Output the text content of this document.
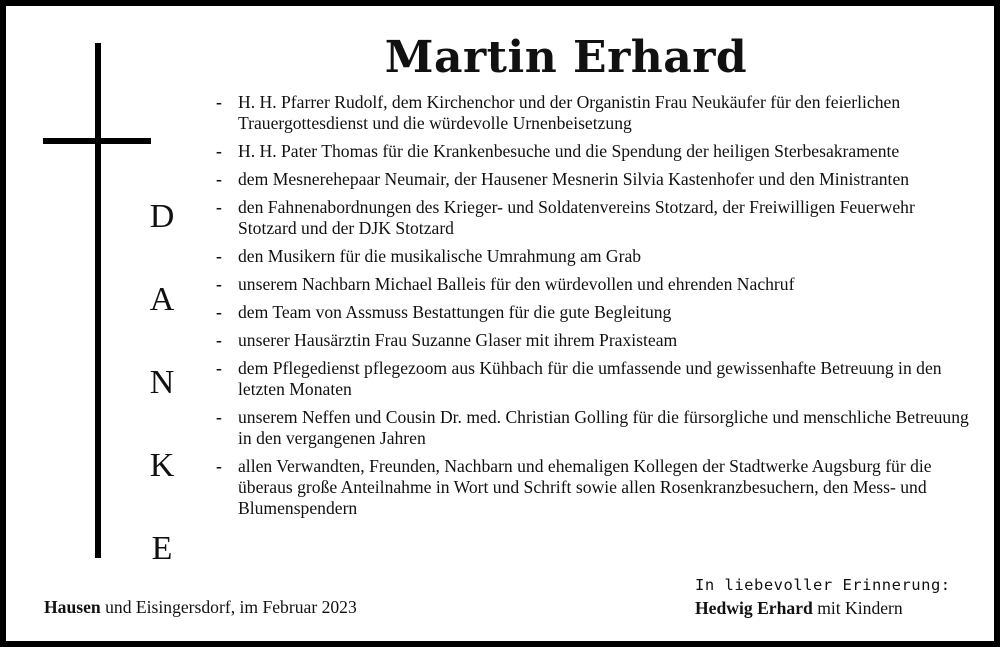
D
A
N
K
E
Martin Erhard
- H. H. Pfarrer Rudolf, dem Kirchenchor und der Organistin Frau Neukäufer für den feierlichen Trauergottesdienst und die würdevolle Urnenbeisetzung
- H. H. Pater Thomas für die Krankenbesuche und die Spendung der heiligen Sterbesakramente
- dem Mesnerehepaar Neumair, der Hausener Mesnerin Silvia Kastenhofer und den Ministranten
- den Fahnenabordnungen des Krieger- und Soldatenvereins Stotzard, der Freiwilligen Feuerwehr Stotzard und der DJK Stotzard
- den Musikern für die musikalische Umrahmung am Grab
- unserem Nachbarn Michael Balleis für den würdevollen und ehrenden Nachruf
- dem Team von Assmuss Bestattungen für die gute Begleitung
- unserer Hausärztin Frau Suzanne Glaser mit ihrem Praxisteam
- dem Pflegedienst pflegezoom aus Kühbach für die umfassende und gewissenhafte Betreuung in den letzten Monaten
- unserem Neffen und Cousin Dr. med. Christian Golling für die fürsorgliche und menschliche Betreuung in den vergangenen Jahren
- allen Verwandten, Freunden, Nachbarn und ehemaligen Kollegen der Stadtwerke Augsburg für die überaus große Anteilnahme in Wort und Schrift sowie allen Rosenkranzbesuchern, den Mess- und Blumenspendern
Hausen und Eisingersdorf, im Februar 2023
In liebevoller Erinnerung:
Hedwig Erhard mit Kindern
